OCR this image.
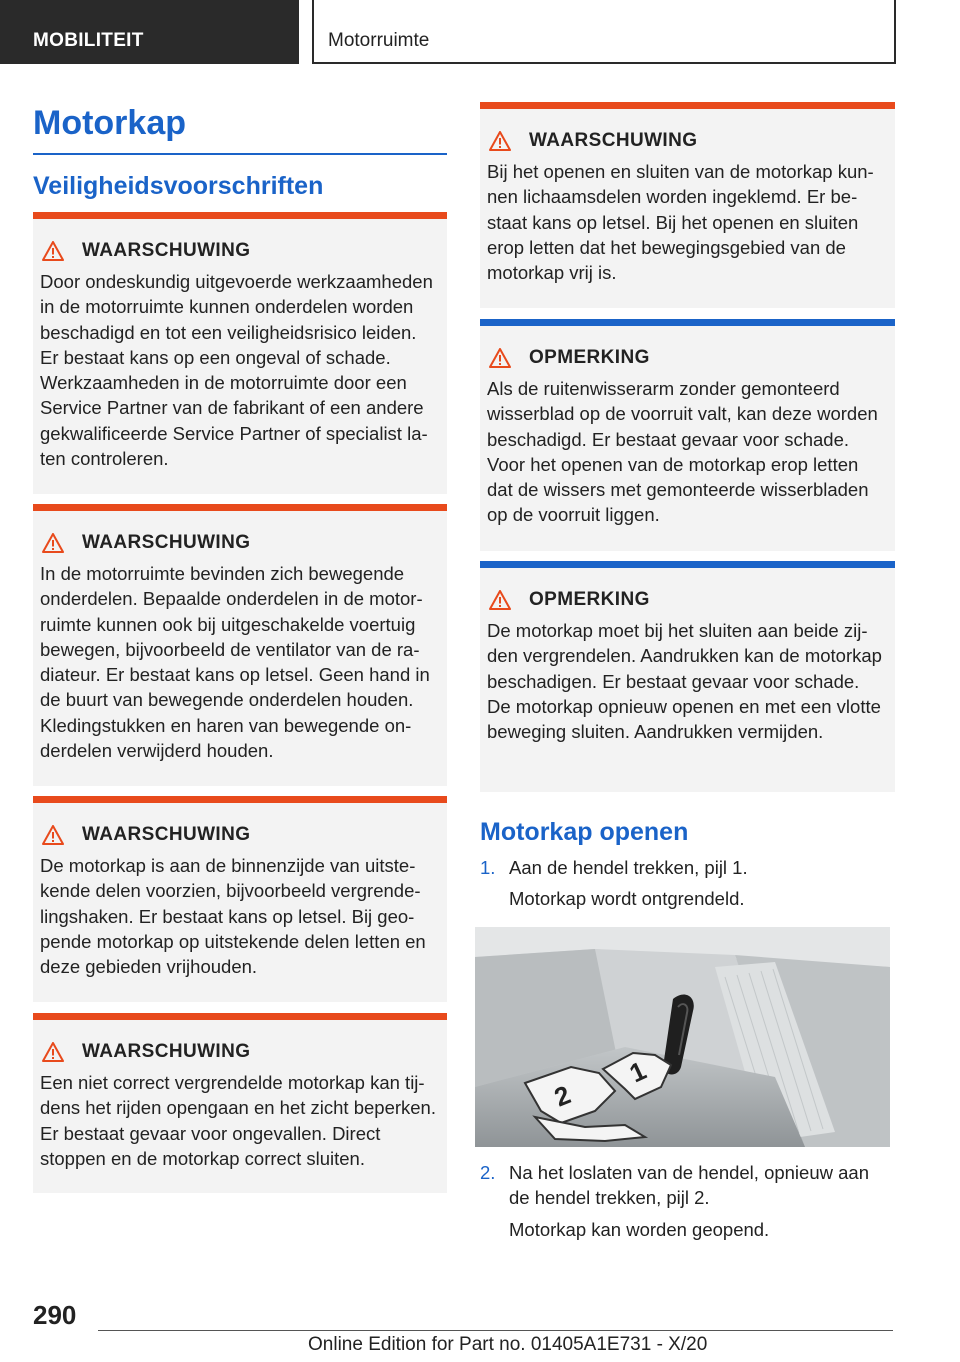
MOBILITEIT	Motorruimte
Motorkap
Veiligheidsvoorschriften
WAARSCHUWING
Door ondeskundig uitgevoerde werkzaamheden in de motorruimte kunnen onderdelen worden beschadigd en tot een veiligheidsrisico leiden. Er bestaat kans op een ongeval of schade. Werkzaamheden in de motorruimte door een Service Partner van de fabrikant of een andere gekwalificeerde Service Partner of specialist laten controleren.
WAARSCHUWING
In de motorruimte bevinden zich bewegende onderdelen. Bepaalde onderdelen in de motorruimte kunnen ook bij uitgeschakelde voertuig bewegen, bijvoorbeeld de ventilator van de radiateur. Er bestaat kans op letsel. Geen hand in de buurt van bewegende onderdelen houden. Kledingstukken en haren van bewegende onderdelen verwijderd houden.
WAARSCHUWING
De motorkap is aan de binnenzijde van uitstekende delen voorzien, bijvoorbeeld vergrendelingshaken. Er bestaat kans op letsel. Bij geopende motorkap op uitstekende delen letten en deze gebieden vrijhouden.
WAARSCHUWING
Een niet correct vergrendelde motorkap kan tijdens het rijden opengaan en het zicht beperken. Er bestaat gevaar voor ongevallen. Direct stoppen en de motorkap correct sluiten.
WAARSCHUWING
Bij het openen en sluiten van de motorkap kunnen lichaamsdelen worden ingeklemd. Er bestaat kans op letsel. Bij het openen en sluiten erop letten dat het bewegingsgebied van de motorkap vrij is.
OPMERKING
Als de ruitenwisserarm zonder gemonteerd wisserblad op de voorruit valt, kan deze worden beschadigd. Er bestaat gevaar voor schade. Voor het openen van de motorkap erop letten dat de wissers met gemonteerde wisserbladen op de voorruit liggen.
OPMERKING
De motorkap moet bij het sluiten aan beide zijden vergrendelen. Aandrukken kan de motorkap beschadigen. Er bestaat gevaar voor schade. De motorkap opnieuw openen en met een vlotte beweging sluiten. Aandrukken vermijden.
Motorkap openen
1. Aan de hendel trekken, pijl 1.
Motorkap wordt ontgrendeld.
1
2
2. Na het loslaten van de hendel, opnieuw aan de hendel trekken, pijl 2.
Motorkap kan worden geopend.
290
Online Edition for Part no. 01405A1E731 - X/20
